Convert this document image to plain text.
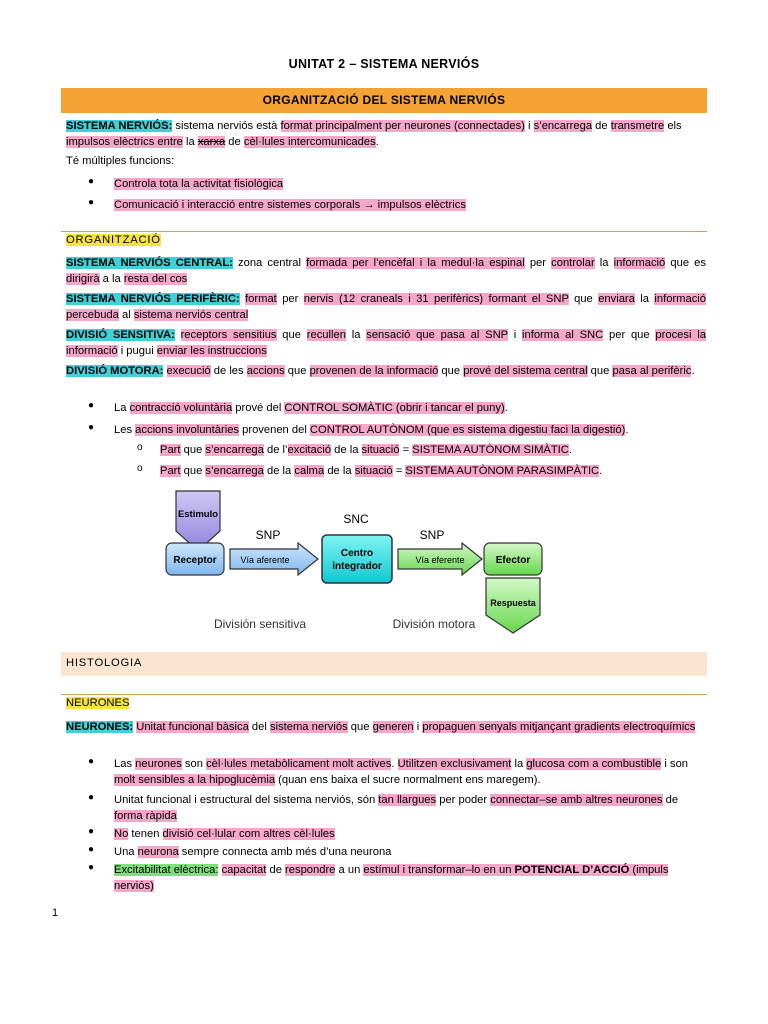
UNITAT 2 – SISTEMA NERVIÓS
ORGANITZACIÓ DEL SISTEMA NERVIÓS
SISTEMA NERVIÓS: sistema nerviós està format principalment per neurones (connectades) i s’encarrega de transmetre els impulsos elèctrics entre la xarxa de cèl·lules intercomunicades.
Té múltiples funcions:
● Controla tota la activitat fisiològica
● Comunicació i interacció entre sistemes corporals → impulsos elèctrics
ORGANITZACIÓ
SISTEMA NERVIÓS CENTRAL: zona central formada per l’encèfal i la medul·la espinal per controlar la informació que es dirigirà a la resta del cos
SISTEMA NERVIÓS PERIFÈRIC: format per nervis (12 craneals i 31 perifèrics) formant el SNP que enviara la informació percebuda al sistema nerviós central
DIVISIÓ SENSITIVA: receptors sensitius que recullen la sensació que pasa al SNP i informa al SNC per que procesi la informació i pugui enviar les instruccions
DIVISIÓ MOTORA: execució de les accions que provenen de la informació que prové del sistema central que pasa al perifèric.
● La contracció voluntària prové del CONTROL SOMÀTIC (obrir i tancar el puny).
● Les accions involuntàries provenen del CONTROL AUTÒNOM (que es sistema digestiu faci la digestió).
o Part que s’encarrega de l’excitació de la situació = SISTEMA AUTÒNOM SIMÀTIC.
o Part que s’encarrega de la calma de la situació = SISTEMA AUTÒNOM PARASIMPÀTIC.
Estimulo
Receptor	Vía aferente
SNP
SNC
Centro
integrador
Vía eferente
SNP
Efector
Respuesta
División sensitiva	División motora
HISTOLOGIA
NEURONES
NEURONES: Unitat funcional bàsica del sistema nerviós que generen i propaguen senyals mitjançant gradients electroquímics
● Las neurones son cèl·lules metabòlicament molt actives. Utilitzen exclusivament la glucosa com a combustible i son molt sensibles a la hipoglucèmia (quan ens baixa el sucre normalment ens maregem).
● Unitat funcional i estructural del sistema nerviós, són tan llargues per poder connectar–se amb altres neurones de forma ràpida
● No tenen divisió cel·lular com altres cèl·lules
● Una neurona sempre connecta amb més d’una neurona
● Excitabilitat elèctrica: capacitat de respondre a un estímul i transformar–lo en un POTENCIAL D’ACCIÓ (impuls nerviós)
1
